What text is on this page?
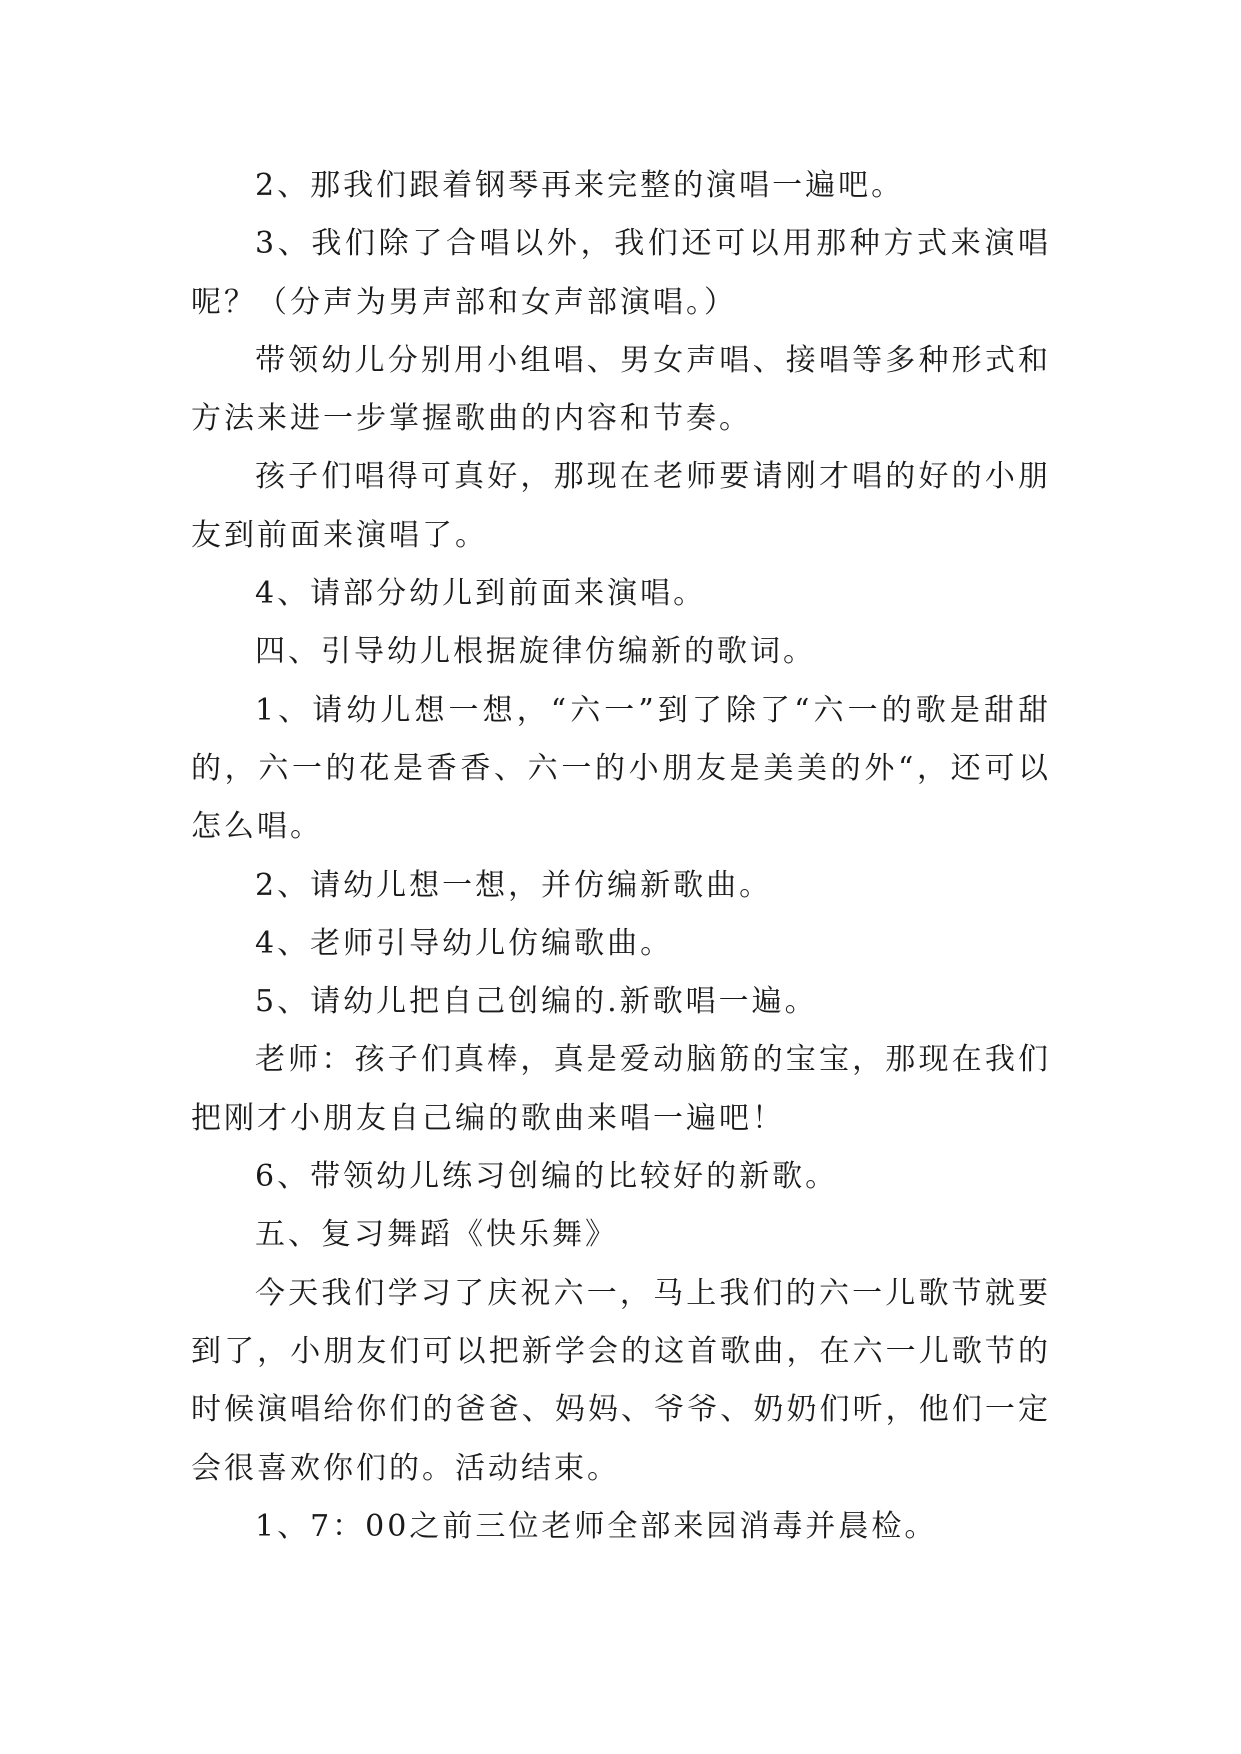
2、那我们跟着钢琴再来完整的演唱一遍吧。

3、我们除了合唱以外，我们还可以用那种方式来演唱呢？（分声为男声部和女声部演唱。）

带领幼儿分别用小组唱、男女声唱、接唱等多种形式和方法来进一步掌握歌曲的内容和节奏。

孩子们唱得可真好，那现在老师要请刚才唱的好的小朋友到前面来演唱了。

4、请部分幼儿到前面来演唱。

四、引导幼儿根据旋律仿编新的歌词。

1、请幼儿想一想，“六一”到了除了“六一的歌是甜甜的，六一的花是香香、六一的小朋友是美美的外“，还可以怎么唱。

2、请幼儿想一想，并仿编新歌曲。

4、老师引导幼儿仿编歌曲。

5、请幼儿把自己创编的.新歌唱一遍。

老师：孩子们真棒，真是爱动脑筋的宝宝，那现在我们把刚才小朋友自己编的歌曲来唱一遍吧！

6、带领幼儿练习创编的比较好的新歌。

五、复习舞蹈《快乐舞》

今天我们学习了庆祝六一，马上我们的六一儿歌节就要到了，小朋友们可以把新学会的这首歌曲，在六一儿歌节的时候演唱给你们的爸爸、妈妈、爷爷、奶奶们听，他们一定会很喜欢你们的。活动结束。

1、7：00之前三位老师全部来园消毒并晨检。
